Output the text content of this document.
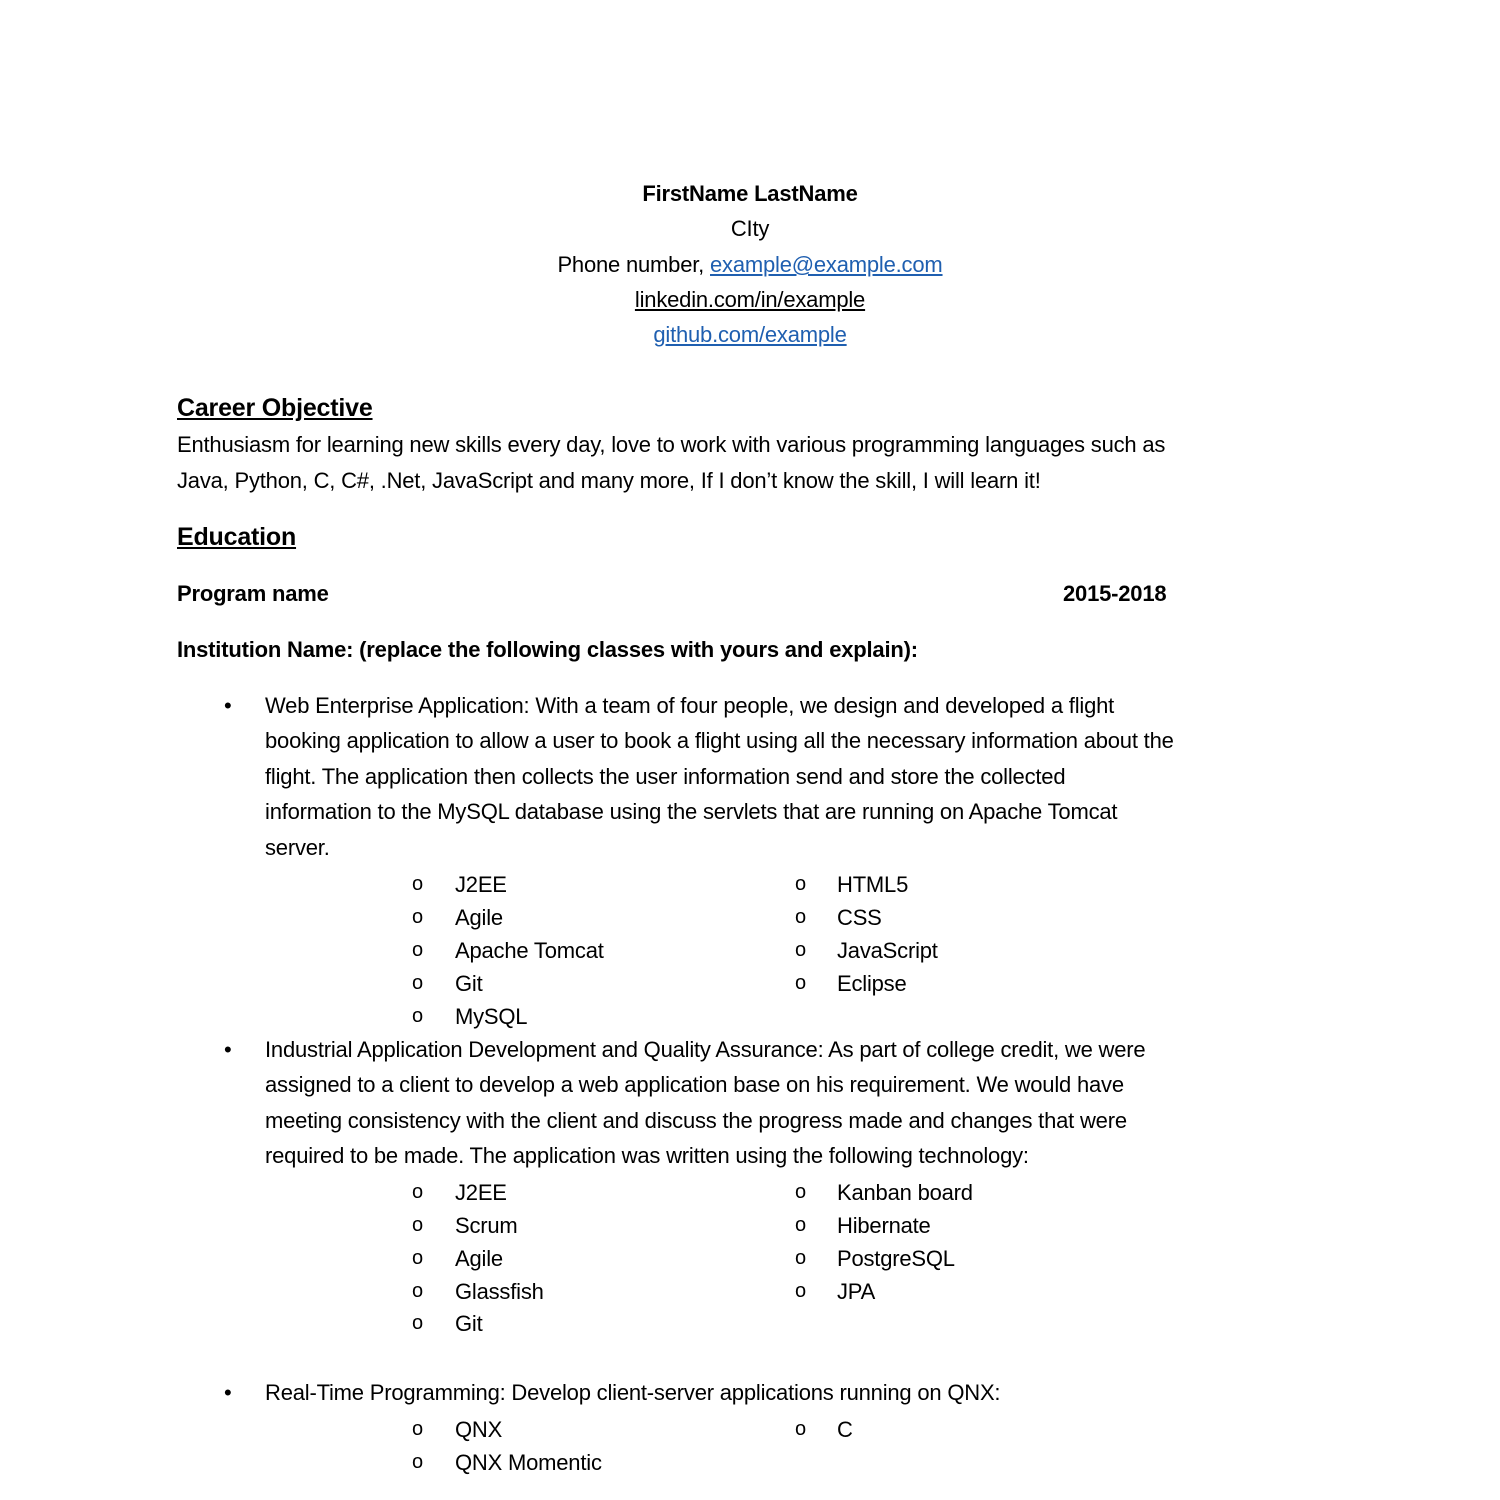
FirstName LastName
CIty
Phone number, example@example.com
linkedin.com/in/example
github.com/example
Career Objective
Enthusiasm for learning new skills every day, love to work with various programming languages such as
Java, Python, C, C#, .Net, JavaScript and many more, If I don’t know the skill, I will learn it!
Education
Program name	2015-2018
Institution Name: (replace the following classes with yours and explain):
• Web Enterprise Application: With a team of four people, we design and developed a flight
booking application to allow a user to book a flight using all the necessary information about the
flight. The application then collects the user information send and store the collected
information to the MySQL database using the servlets that are running on Apache Tomcat
server.
o J2EE
o Agile
o Apache Tomcat
o Git
o MySQL
o HTML5
o CSS
o JavaScript
o Eclipse
• Industrial Application Development and Quality Assurance: As part of college credit, we were
assigned to a client to develop a web application base on his requirement. We would have
meeting consistency with the client and discuss the progress made and changes that were
required to be made. The application was written using the following technology:
o J2EE
o Scrum
o Agile
o Glassfish
o Git
o Kanban board
o Hibernate
o PostgreSQL
o JPA
• Real-Time Programming: Develop client-server applications running on QNX:
o QNX
o QNX Momentic
o C
